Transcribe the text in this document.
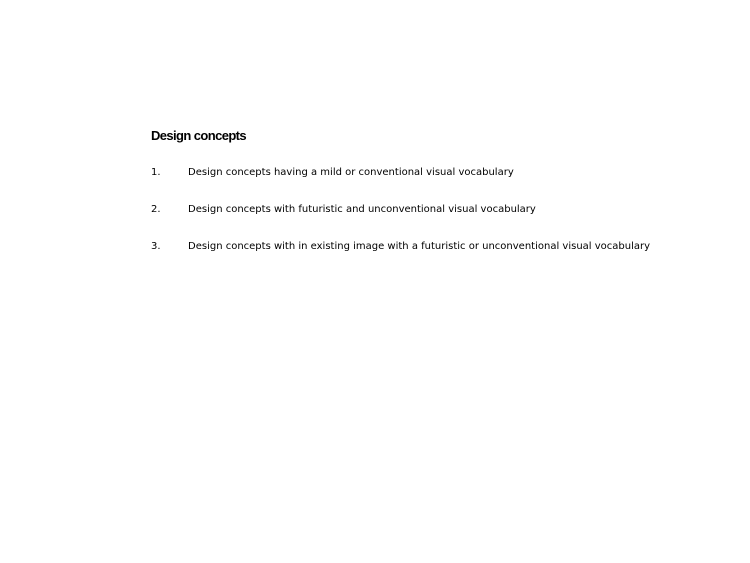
Design concepts
1.	Design concepts having a mild or conventional visual vocabulary
2.	Design concepts with futuristic and unconventional visual vocabulary
3.	Design concepts with in existing image with a futuristic or unconventional visual vocabulary
